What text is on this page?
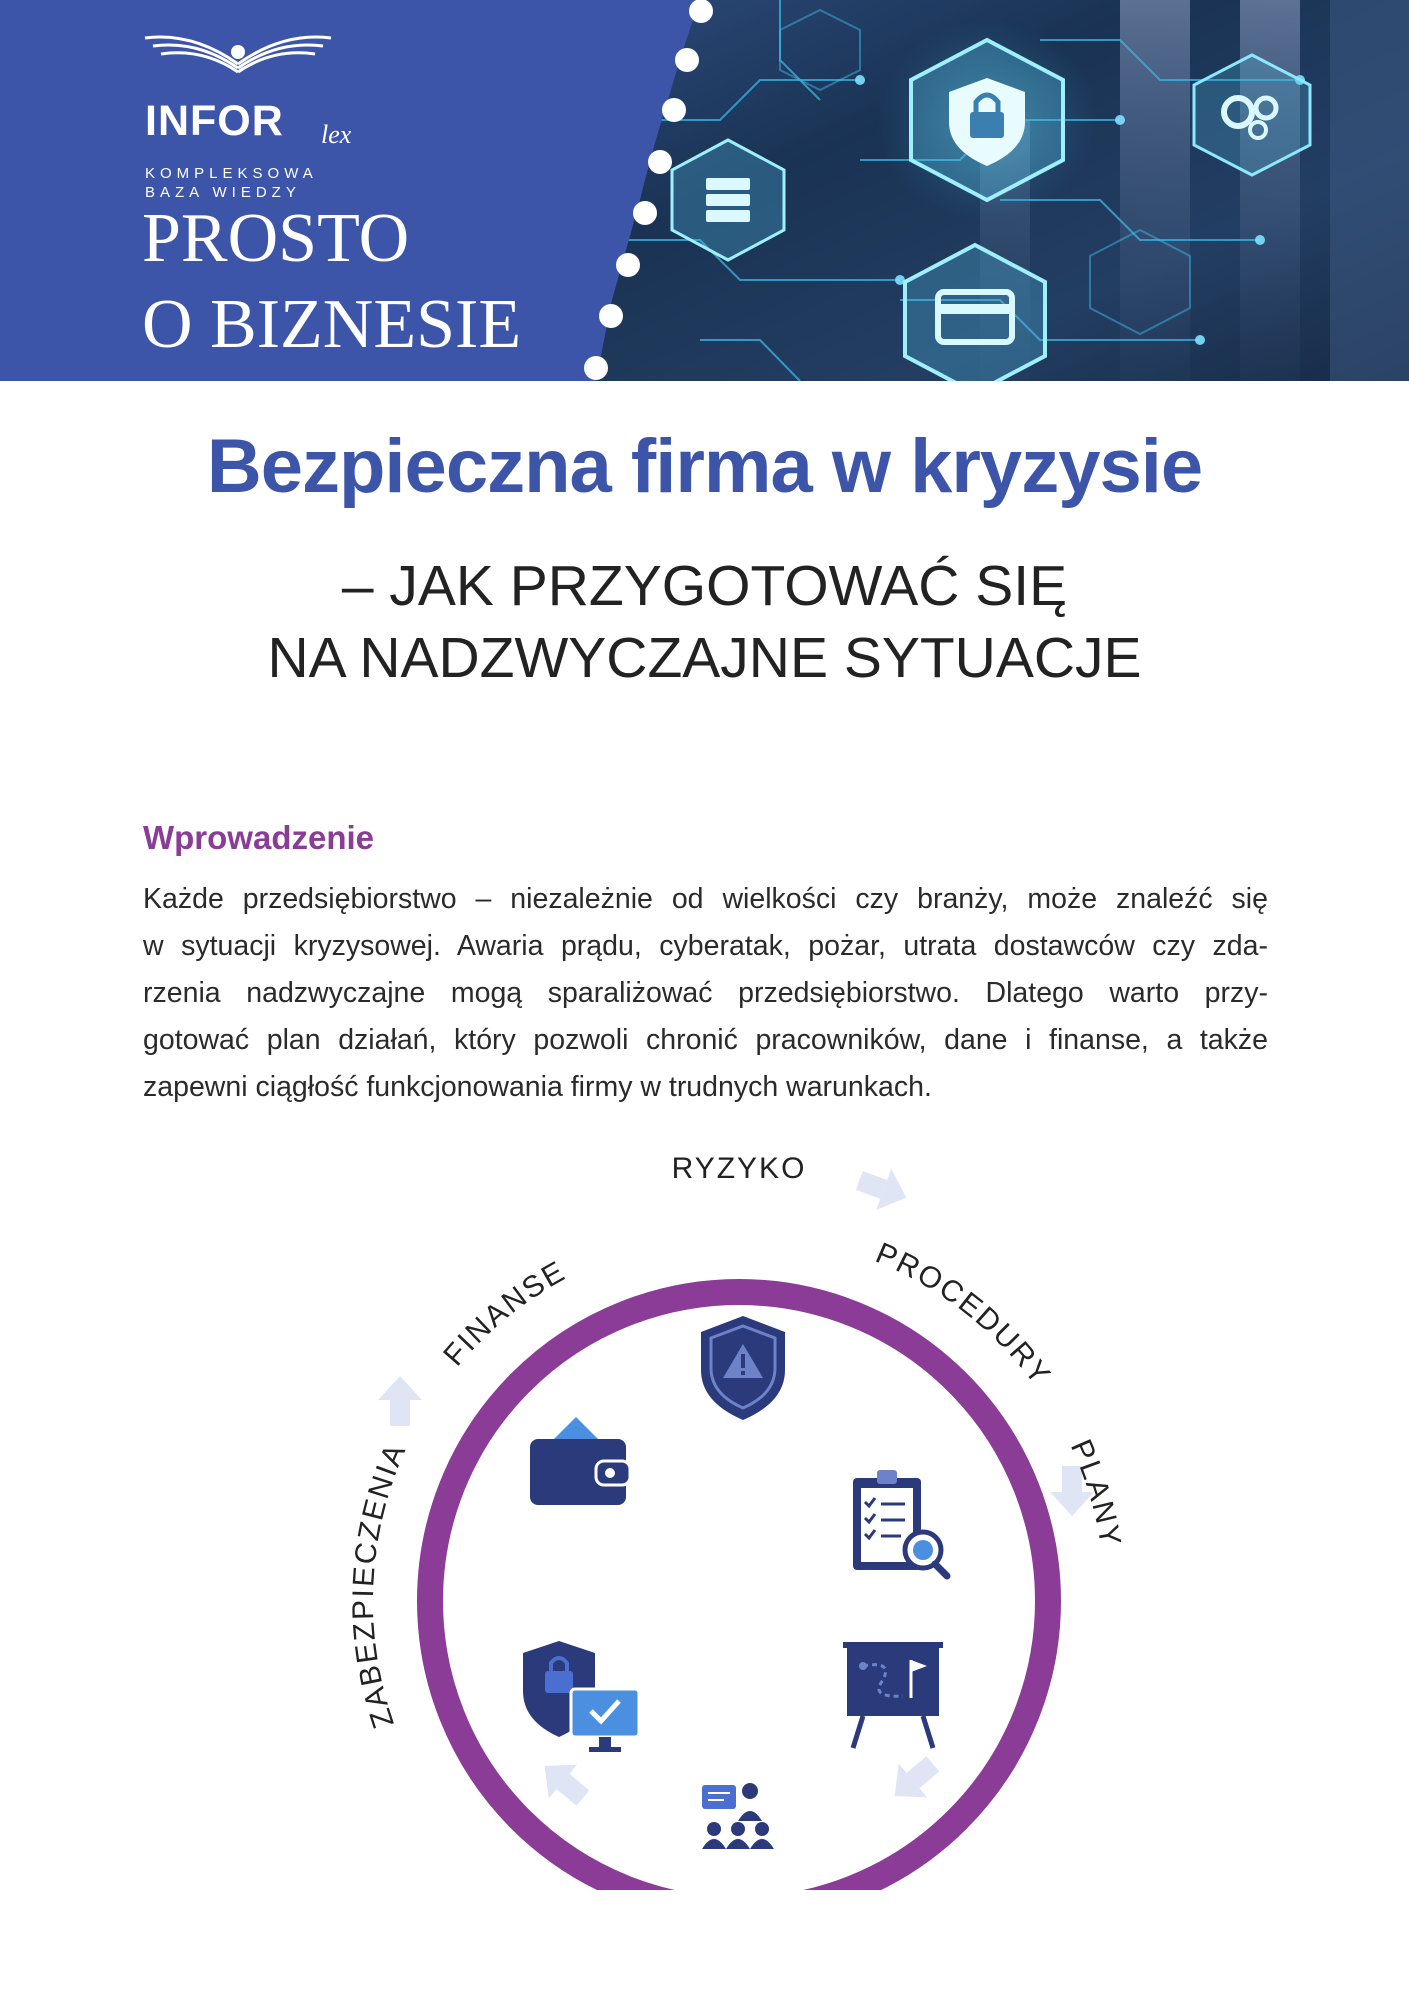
INFOR lex
KOMPLEKSOWA
BAZA WIEDZY
PROSTO
O BIZNESIE
Bezpieczna firma w kryzysie
– JAK PRZYGOTOWAĆ SIĘ
NA NADZWYCZAJNE SYTUACJE
Wprowadzenie
Każde przedsiębiorstwo – niezależnie od wielkości czy branży, może znaleźć się
w sytuacji kryzysowej. Awaria prądu, cyberatak, pożar, utrata dostawców czy zda-
rzenia nadzwyczajne mogą sparaliżować przedsiębiorstwo. Dlatego warto przy-
gotować plan działań, który pozwoli chronić pracowników, dane i finanse, a także
zapewni ciągłość funkcjonowania firmy w trudnych warunkach.
RYZYKO
PROCEDURY
PLANY
ZABEZPIECZENIA
FINANSE
